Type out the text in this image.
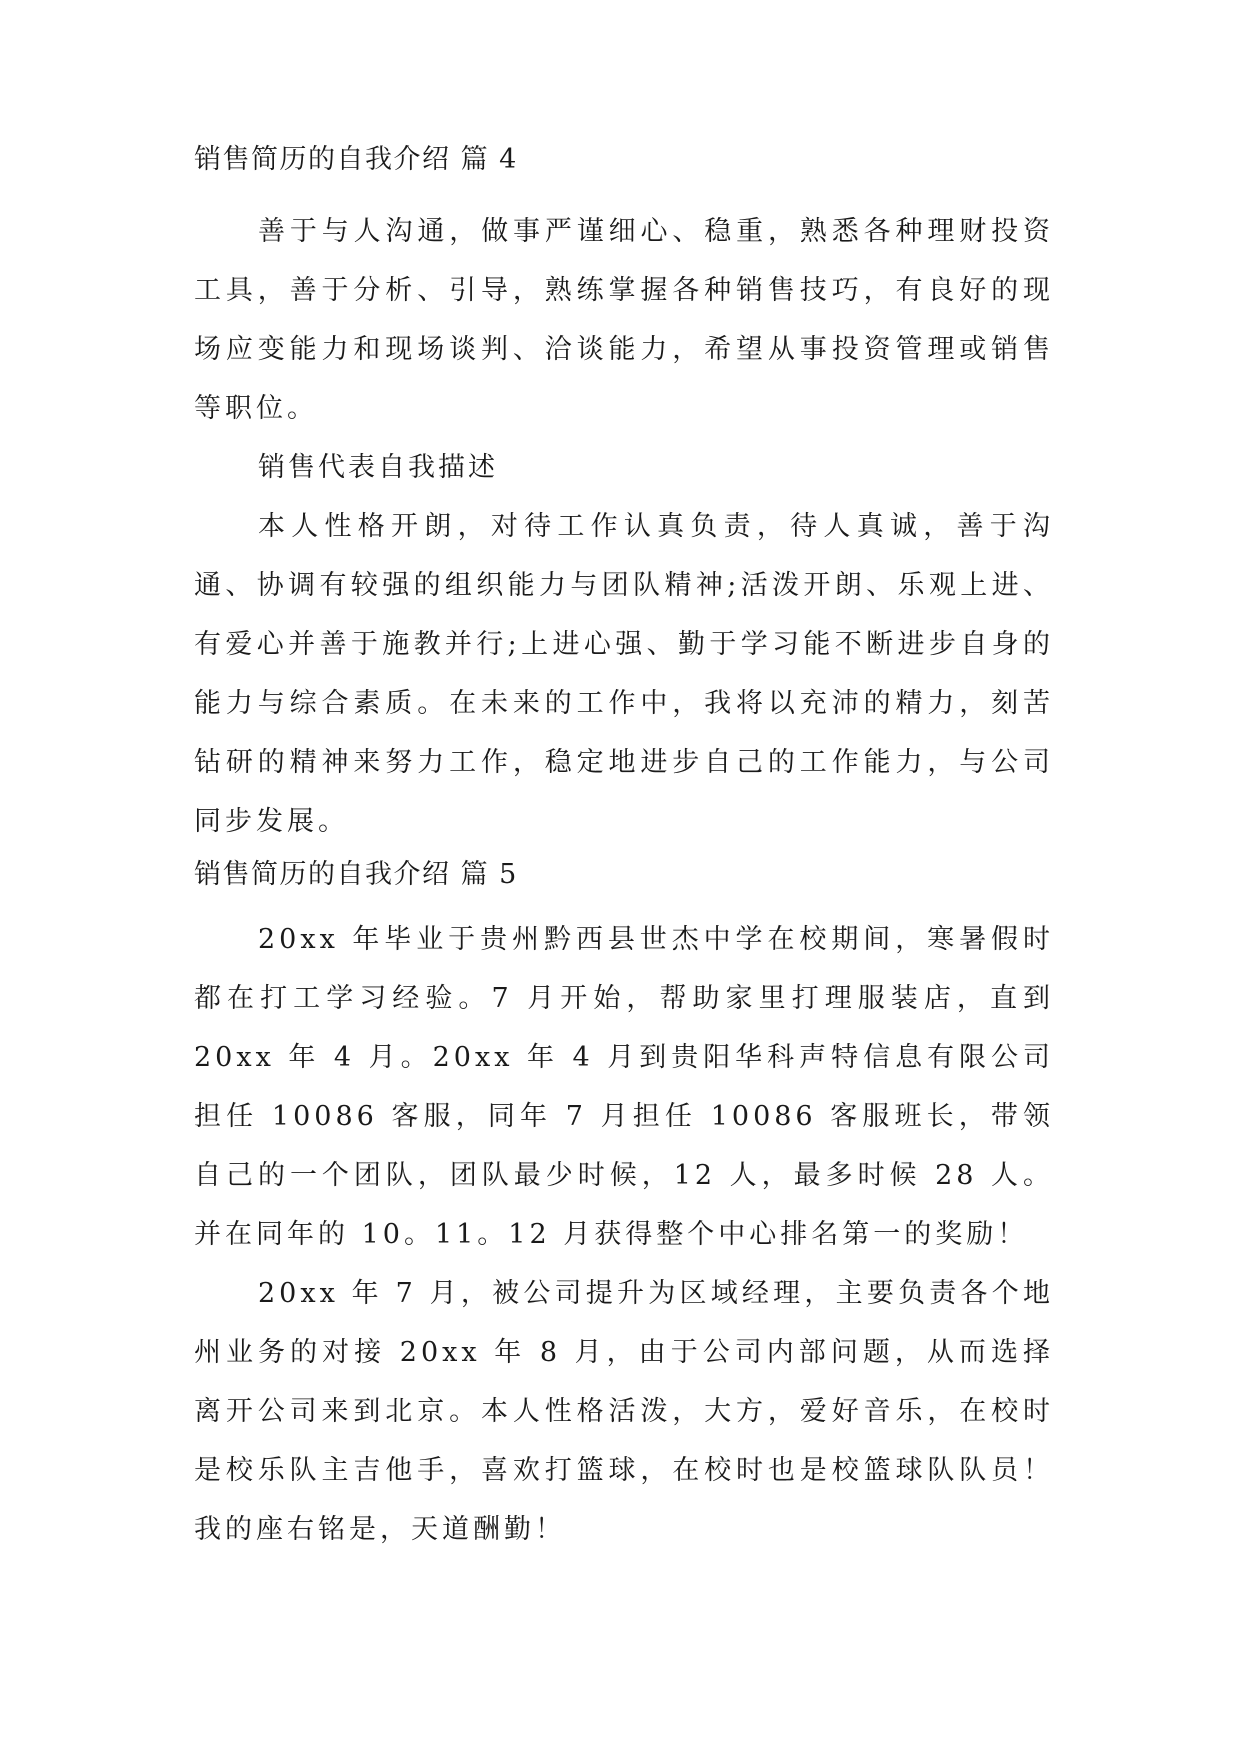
销售简历的自我介绍 篇 4

善于与人沟通，做事严谨细心、稳重，熟悉各种理财投资工具，善于分析、引导，熟练掌握各种销售技巧，有良好的现场应变能力和现场谈判、洽谈能力，希望从事投资管理或销售等职位。

销售代表自我描述

本人性格开朗，对待工作认真负责，待人真诚，善于沟通、协调有较强的组织能力与团队精神;活泼开朗、乐观上进、有爱心并善于施教并行;上进心强、勤于学习能不断进步自身的能力与综合素质。在未来的工作中，我将以充沛的精力，刻苦钻研的精神来努力工作，稳定地进步自己的工作能力，与公司同步发展。

销售简历的自我介绍 篇 5

20xx 年毕业于贵州黔西县世杰中学在校期间，寒暑假时都在打工学习经验。7 月开始，帮助家里打理服装店，直到 20xx 年 4 月。20xx 年 4 月到贵阳华科声特信息有限公司担任 10086 客服，同年 7 月担任 10086 客服班长，带领自己的一个团队，团队最少时候，12 人，最多时候 28 人。并在同年的 10。11。12 月获得整个中心排名第一的奖励！

20xx 年 7 月，被公司提升为区域经理，主要负责各个地州业务的对接 20xx 年 8 月，由于公司内部问题，从而选择离开公司来到北京。本人性格活泼，大方，爱好音乐，在校时是校乐队主吉他手，喜欢打篮球，在校时也是校篮球队队员！我的座右铭是，天道酬勤！
